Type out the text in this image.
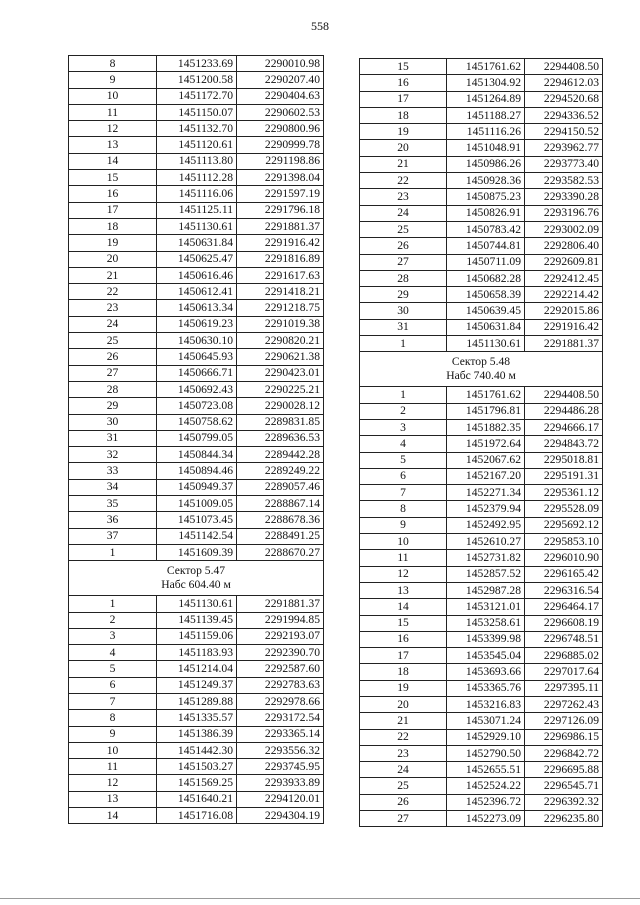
558
8	1451233.69	2290010.98
9	1451200.58	2290207.40
10	1451172.70	2290404.63
11	1451150.07	2290602.53
12	1451132.70	2290800.96
13	1451120.61	2290999.78
14	1451113.80	2291198.86
15	1451112.28	2291398.04
16	1451116.06	2291597.19
17	1451125.11	2291796.18
18	1451130.61	2291881.37
19	1450631.84	2291916.42
20	1450625.47	2291816.89
21	1450616.46	2291617.63
22	1450612.41	2291418.21
23	1450613.34	2291218.75
24	1450619.23	2291019.38
25	1450630.10	2290820.21
26	1450645.93	2290621.38
27	1450666.71	2290423.01
28	1450692.43	2290225.21
29	1450723.08	2290028.12
30	1450758.62	2289831.85
31	1450799.05	2289636.53
32	1450844.34	2289442.28
33	1450894.46	2289249.22
34	1450949.37	2289057.46
35	1451009.05	2288867.14
36	1451073.45	2288678.36
37	1451142.54	2288491.25
1	1451609.39	2288670.27

Сектор 5.47
Набс 604.40 м		

1	1451130.61	2291881.37
2	1451139.45	2291994.85
3	1451159.06	2292193.07
4	1451183.93	2292390.70
5	1451214.04	2292587.60
6	1451249.37	2292783.63
7	1451289.88	2292978.66
8	1451335.57	2293172.54
9	1451386.39	2293365.14
10	1451442.30	2293556.32
11	1451503.27	2293745.95
12	1451569.25	2293933.89
13	1451640.21	2294120.01
14	1451716.08	2294304.19
15	1451761.62	2294408.50
16	1451304.92	2294612.03
17	1451264.89	2294520.68
18	1451188.27	2294336.52
19	1451116.26	2294150.52
20	1451048.91	2293962.77
21	1450986.26	2293773.40
22	1450928.36	2293582.53
23	1450875.23	2293390.28
24	1450826.91	2293196.76
25	1450783.42	2293002.09
26	1450744.81	2292806.40
27	1450711.09	2292609.81
28	1450682.28	2292412.45
29	1450658.39	2292214.42
30	1450639.45	2292015.86
31	1450631.84	2291916.42
1	1451130.61	2291881.37

Сектор 5.48
Набс 740.40 м		

1	1451761.62	2294408.50
2	1451796.81	2294486.28
3	1451882.35	2294666.17
4	1451972.64	2294843.72
5	1452067.62	2295018.81
6	1452167.20	2295191.31
7	1452271.34	2295361.12
8	1452379.94	2295528.09
9	1452492.95	2295692.12
10	1452610.27	2295853.10
11	1452731.82	2296010.90
12	1452857.52	2296165.42
13	1452987.28	2296316.54
14	1453121.01	2296464.17
15	1453258.61	2296608.19
16	1453399.98	2296748.51
17	1453545.04	2296885.02
18	1453693.66	2297017.64
19	1453365.76	2297395.11
20	1453216.83	2297262.43
21	1453071.24	2297126.09
22	1452929.10	2296986.15
23	1452790.50	2296842.72
24	1452655.51	2296695.88
25	1452524.22	2296545.71
26	1452396.72	2296392.32
27	1452273.09	2296235.80
